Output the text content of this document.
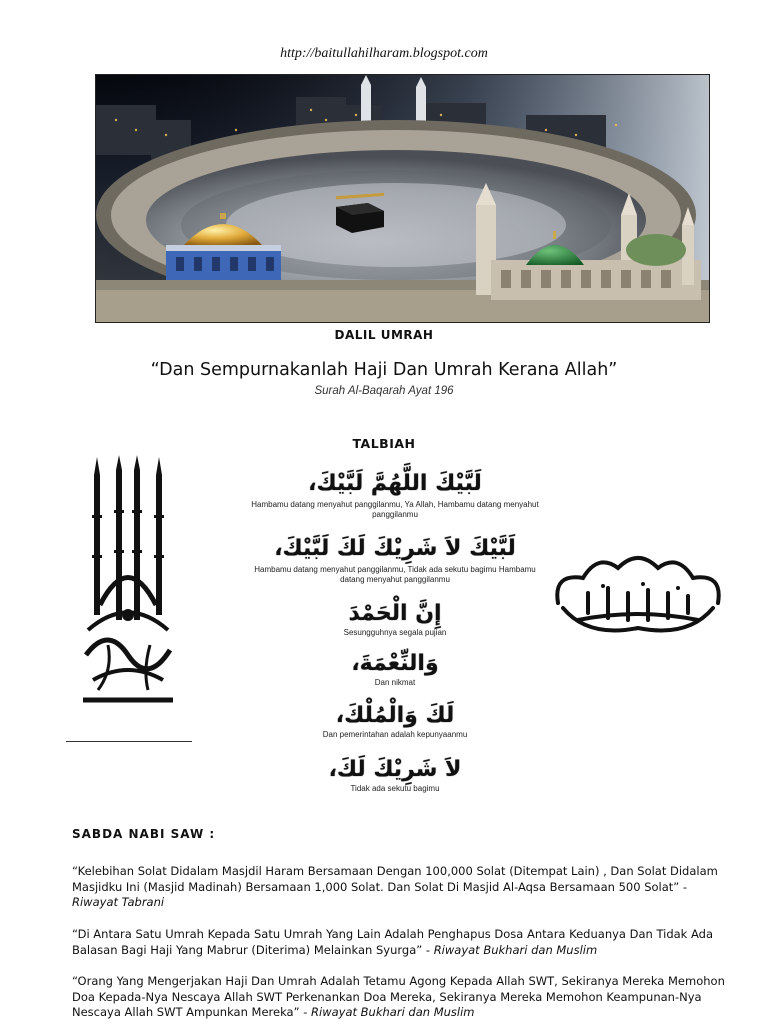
http://baitullahilharam.blogspot.com
DALIL UMRAH
“Dan Sempurnakanlah Haji Dan Umrah Kerana Allah”
Surah Al-Baqarah Ayat 196
TALBIAH
لَبَّيْكَ اللَّهُمَّ لَبَّيْكَ،
Hambamu datang menyahut panggilanmu, Ya Allah, Hambamu datang menyahut panggilanmu
لَبَّيْكَ لاَ شَرِيْكَ لَكَ لَبَّيْكَ،
Hambamu datang menyahut panggilanmu, Tidak ada sekutu bagimu Hambamu datang menyahut panggilanmu
إِنَّ الْحَمْدَ
Sesungguhnya segala pujian
وَالنِّعْمَةَ،
Dan nikmat
لَكَ وَالْمُلْكَ،
Dan pemerintahan adalah kepunyaanmu
لاَ شَرِيْكَ لَكَ،
Tidak ada sekutu bagimu
SABDA NABI SAW :
“Kelebihan Solat Didalam Masjdil Haram Bersamaan Dengan 100,000 Solat (Ditempat Lain) , Dan Solat Didalam Masjidku Ini (Masjid Madinah) Bersamaan 1,000 Solat. Dan Solat Di Masjid Al-Aqsa Bersamaan 500 Solat” - Riwayat Tabrani
“Di Antara Satu Umrah Kepada Satu Umrah Yang Lain Adalah Penghapus Dosa Antara Keduanya Dan Tidak Ada Balasan Bagi Haji Yang Mabrur (Diterima) Melainkan Syurga” - Riwayat Bukhari dan Muslim
“Orang Yang Mengerjakan Haji Dan Umrah Adalah Tetamu Agong Kepada Allah SWT, Sekiranya Mereka Memohon Doa Kepada-Nya Nescaya Allah SWT Perkenankan Doa Mereka, Sekiranya Mereka Memohon Keampunan-Nya Nescaya Allah SWT Ampunkan Mereka” - Riwayat Bukhari dan Muslim
